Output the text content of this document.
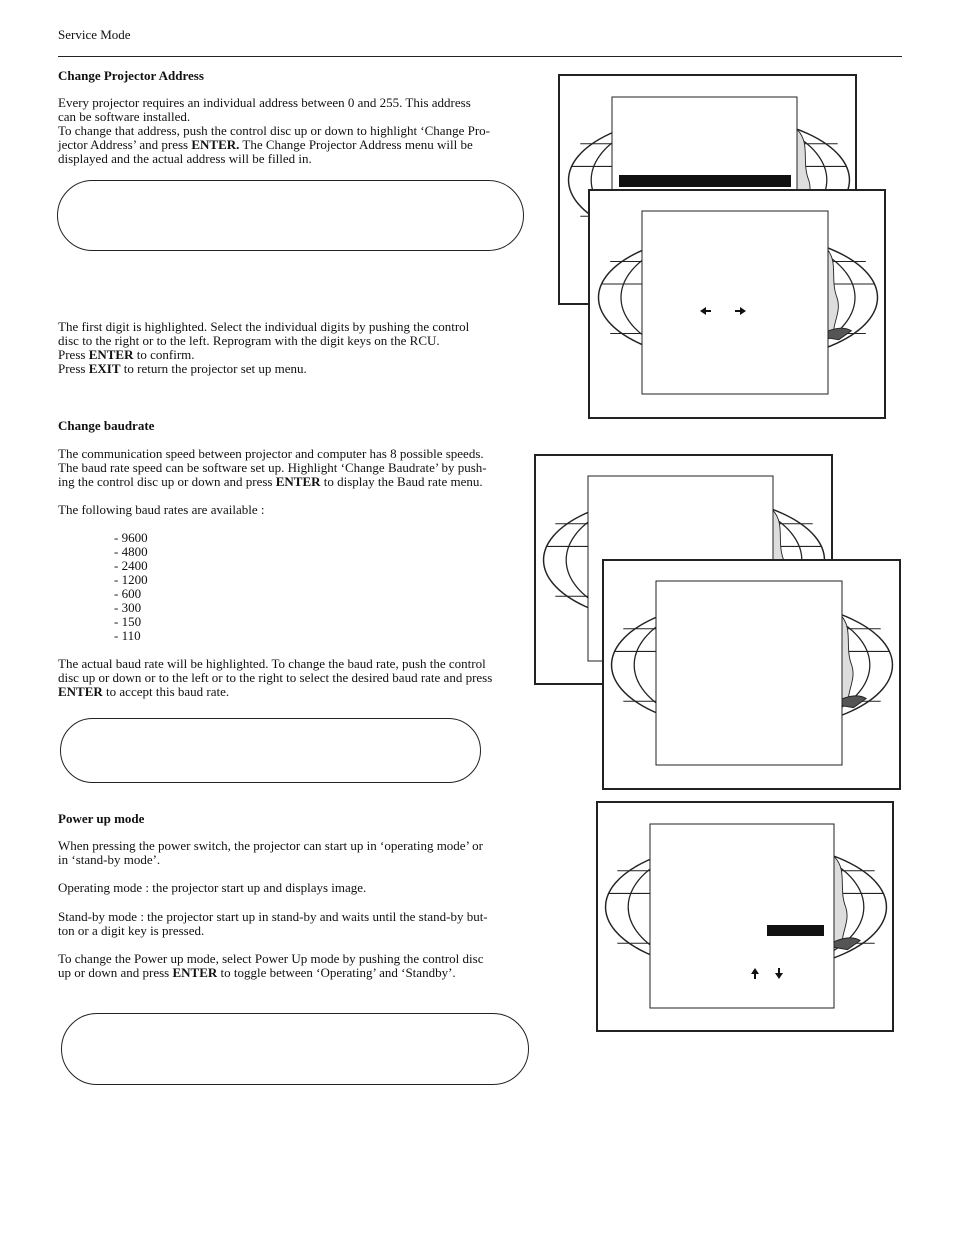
Service Mode
Change Projector Address
Every projector requires an individual address between 0 and 255. This address
can be software installed.
To change that address, push the control disc up or down to highlight ‘Change Pro-
jector Address’ and press ENTER. The Change Projector Address menu will be
displayed and the actual address will be filled in.
The first digit is highlighted. Select the individual digits by pushing the control
disc to the right or to the left. Reprogram with the digit keys on the RCU.
Press ENTER to confirm.
Press EXIT to return the projector set up menu.
Change baudrate
The communication speed between projector and computer has 8 possible speeds.
The baud rate speed can be software set up. Highlight ‘Change Baudrate’ by push-
ing the control disc up or down and press ENTER to display the Baud rate menu.
The following baud rates are available :
- 9600
- 4800
- 2400
- 1200
- 600
- 300
- 150
- 110
The actual baud rate will be highlighted. To change the baud rate, push the control
disc up or down or to the left or to the right to select the desired baud rate and press
ENTER to accept this baud rate.
Power up mode
When pressing the power switch, the projector can start up in ‘operating mode’ or
in ‘stand-by mode’.
Operating mode : the projector start up and displays image.
Stand-by mode : the projector start up in stand-by and waits until the stand-by but-
ton or a digit key is pressed.
To change the Power up mode, select Power Up mode by pushing the control disc
up or down and press ENTER to toggle between ‘Operating’ and ‘Standby’.
